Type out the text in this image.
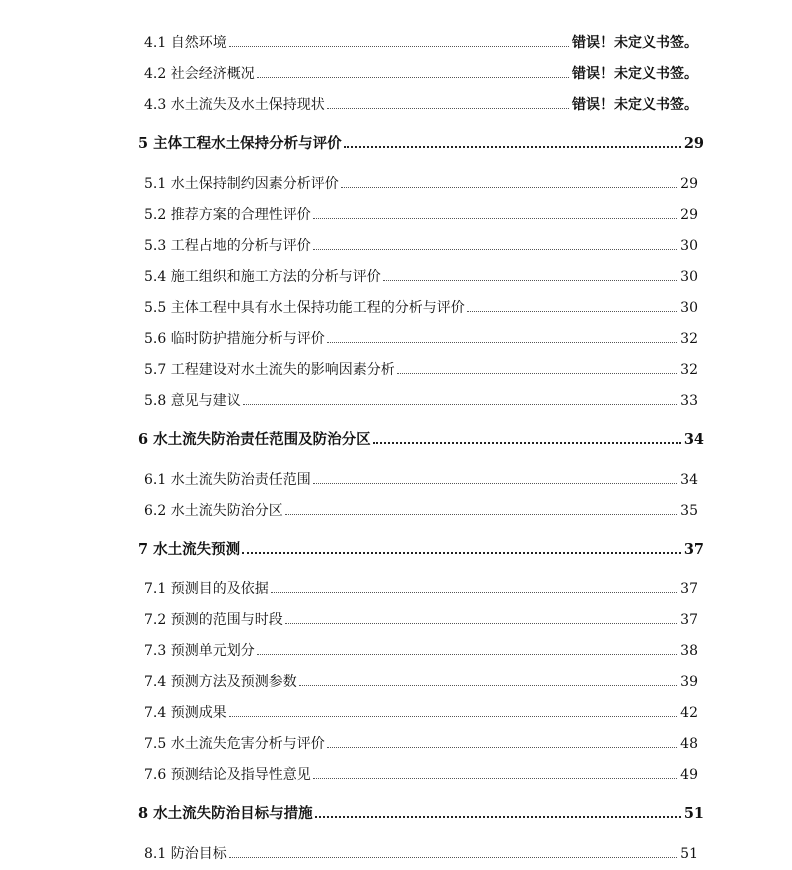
4.1 自然环境	错误！未定义书签。
4.2 社会经济概况	错误！未定义书签。
4.3 水土流失及水土保持现状	错误！未定义书签。
5 主体工程水土保持分析与评价	29
5.1 水土保持制约因素分析评价	29
5.2 推荐方案的合理性评价	29
5.3 工程占地的分析与评价	30
5.4 施工组织和施工方法的分析与评价	30
5.5 主体工程中具有水土保持功能工程的分析与评价	30
5.6 临时防护措施分析与评价	32
5.7 工程建设对水土流失的影响因素分析	32
5.8 意见与建议	33
6 水土流失防治责任范围及防治分区	34
6.1 水土流失防治责任范围	34
6.2 水土流失防治分区	35
7 水土流失预测	37
7.1 预测目的及依据	37
7.2 预测的范围与时段	37
7.3 预测单元划分	38
7.4 预测方法及预测参数	39
7.4 预测成果	42
7.5 水土流失危害分析与评价	48
7.6 预测结论及指导性意见	49
8 水土流失防治目标与措施	51
8.1 防治目标	51
